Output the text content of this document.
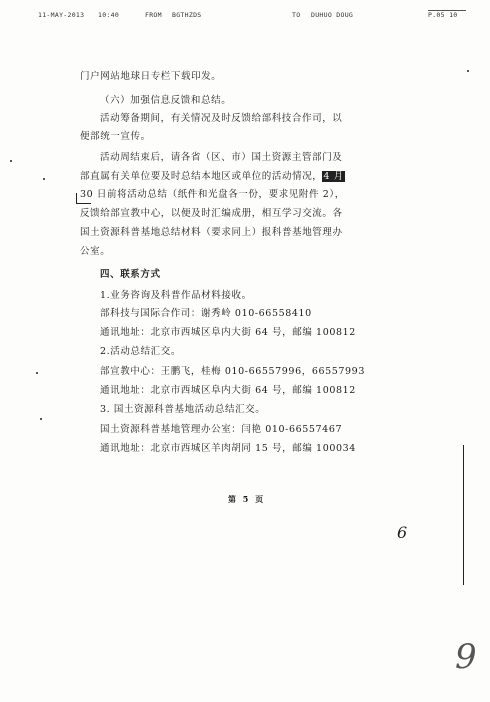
11-MAY-2013 10:40	FROM BGTHZDS	TO DUHUO DOUG	P.05 10
门户网站地球日专栏下载印发。
（六）加强信息反馈和总结。
活动筹备期间，有关情况及时反馈给部科技合作司，以
便部统一宣传。
活动周结束后，请各省（区、市）国土资源主管部门及
部直属有关单位要及时总结本地区或单位的活动情况，4 月
30 日前将活动总结（纸件和光盘各一份，要求见附件 2），
反馈给部宣教中心，以便及时汇编成册，相互学习交流。各
国土资源科普基地总结材料（要求同上）报科普基地管理办
公室。
四、联系方式
1.业务咨询及科普作品材料接收。
部科技与国际合作司：谢秀岭 010-66558410
通讯地址：北京市西城区阜内大街 64 号，邮编 100812
2.活动总结汇交。
部宣教中心：王鹏飞，桂梅 010-66557996，66557993
通讯地址：北京市西城区阜内大街 64 号，邮编 100812
3. 国土资源科普基地活动总结汇交。
国土资源科普基地管理办公室：闫艳 010-66557467
通讯地址：北京市西城区羊肉胡同 15 号，邮编 100034
第 5 页
6
9
